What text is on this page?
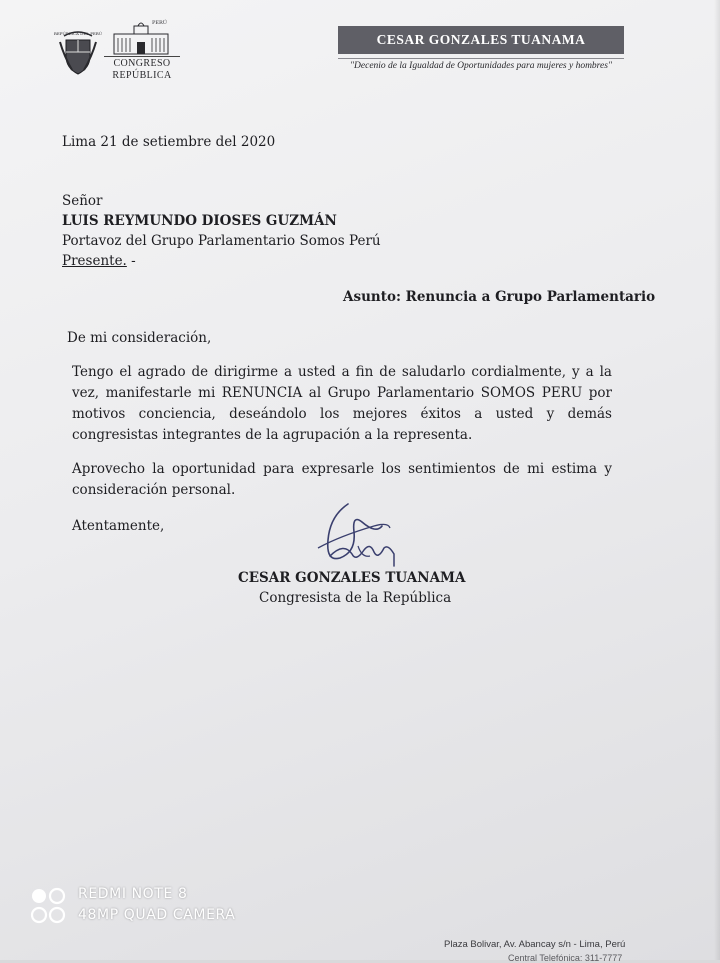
REPÚBLICA DEL PERÚ
PERÚ
CONGRESO
REPÚBLICA
CESAR GONZALES TUANAMA
"Decenio de la Igualdad de Oportunidades para mujeres y hombres"
Lima 21 de setiembre del 2020
Señor
LUIS REYMUNDO DIOSES GUZMÁN
Portavoz del Grupo Parlamentario Somos Perú
Presente. -
Asunto: Renuncia a Grupo Parlamentario
De mi consideración,
Tengo el agrado de dirigirme a usted a fin de saludarlo cordialmente, y a la vez, manifestarle mi RENUNCIA al Grupo Parlamentario SOMOS PERU por motivos conciencia, deseándolo los mejores éxitos a usted y demás congresistas integrantes de la agrupación a la representa.
Aprovecho la oportunidad para expresarle los sentimientos de mi estima y consideración personal.
Atentamente,
CESAR GONZALES TUANAMA
Congresista de la República
Plaza Bolivar, Av. Abancay s/n - Lima, Perú
Central Telefónica: 311-7777
REDMI NOTE 8
48MP QUAD CAMERA
